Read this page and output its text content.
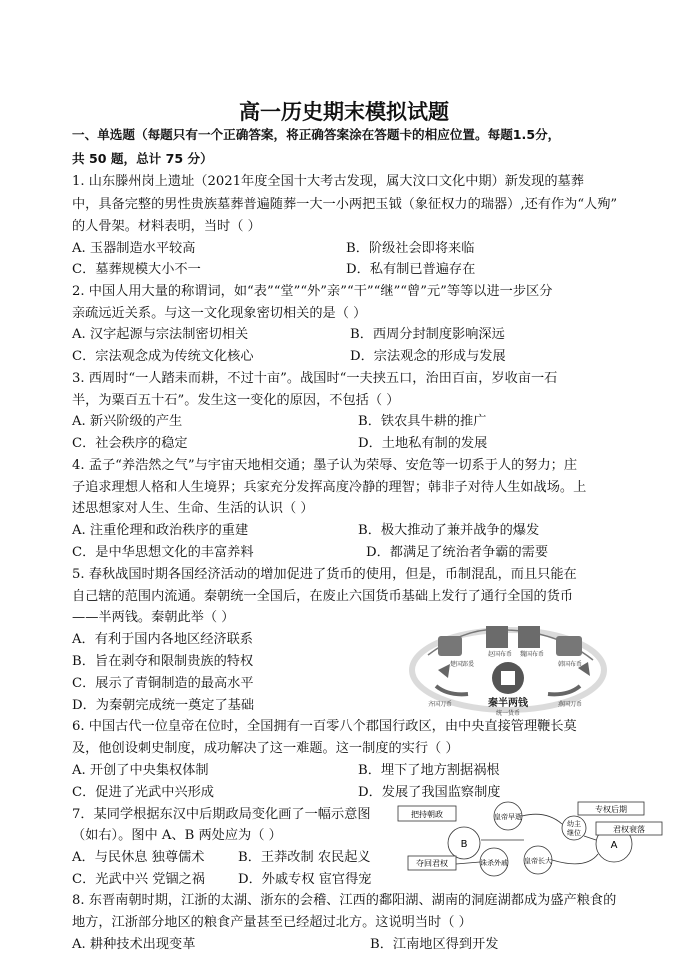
高一历史期末模拟试题
一、单选题（每题只有一个正确答案，将正确答案涂在答题卡的相应位置。每题1.5分，
共 50 题，总计 75 分）
1. 山东滕州岗上遗址（2021年度全国十大考古发现，属大汶口文化中期）新发现的墓葬
中，具备完整的男性贵族墓葬普遍随葬一大一小两把玉钺（象征权力的瑞器）,还有作为“人殉”
的人骨架。材料表明，当时（ ）
A. 玉器制造水平较高	B．阶级社会即将来临
C．墓葬规模大小不一	D．私有制已普遍存在
2. 中国人用大量的称谓词，如“表”“堂”“外”亲”“干”“继”“曾”元”等等以进一步区分
亲疏远近关系。与这一文化现象密切相关的是（ ）
A. 汉字起源与宗法制密切相关	B．西周分封制度影响深远
C．宗法观念成为传统文化核心	D．宗法观念的形成与发展
3. 西周时“一人踏耒而耕，不过十亩”。战国时“一夫挟五口，治田百亩，岁收亩一石
半，为粟百五十石”。发生这一变化的原因，不包括（ ）
A. 新兴阶级的产生	B．铁农具牛耕的推广
C．社会秩序的稳定	D．土地私有制的发展
4. 孟子“养浩然之气”与宇宙天地相交通；墨子认为荣辱、安危等一切系于人的努力；庄
子追求理想人格和人生境界；兵家充分发挥高度冷静的理智；韩非子对待人生如战场。上
述思想家对人生、生命、生活的认识（ ）
A. 注重伦理和政治秩序的重建	B．极大推动了兼并战争的爆发
C．是中华思想文化的丰富养料	D．都满足了统治者争霸的需要
5. 春秋战国时期各国经济活动的增加促进了货币的使用，但是，币制混乱，而且只能在
自己辖的范围内流通。秦朝统一全国后，在废止六国货币基础上发行了通行全国的货币
——半两钱。秦朝此举（ ）
A．有利于国内各地区经济联系
B．旨在剥夺和限制贵族的特权
C．展示了青铜制造的最高水平
D．为秦朝完成统一奠定了基础
楚国郢爰
赵国布币 魏国布币
韩国布币
齐国刀币	燕国刀币
秦半两钱
统一货币
6. 中国古代一位皇帝在位时，全国拥有一百零八个郡国行政区，由中央直接管理鞭长莫
及，他创设刺史制度，成功解决了这一难题。这一制度的实行（ ）
A. 开创了中央集权体制	B．埋下了地方割据祸根
C．促进了光武中兴形成	D．发展了我国监察制度
7．某同学根据东汉中后期政局变化画了一幅示意图
（如右）。图中 A、B 两处应为（ ）
A．与民休息 独尊儒术	B．王莽改制 农民起义
C．光武中兴 党锢之祸	D．外戚专权 宦官得宠
把持朝政
B
皇帝早逝
夺回君权	诛杀外戚 皇帝长大
A
专权后期
幼主
继位	君权衰落
8. 东晋南朝时期，江浙的太湖、浙东的会稽、江西的鄱阳湖、湖南的洞庭湖都成为盛产粮食的
地方，江浙部分地区的粮食产量甚至已经超过北方。这说明当时（ ）
A. 耕种技术出现变革	B．江南地区得到开发
